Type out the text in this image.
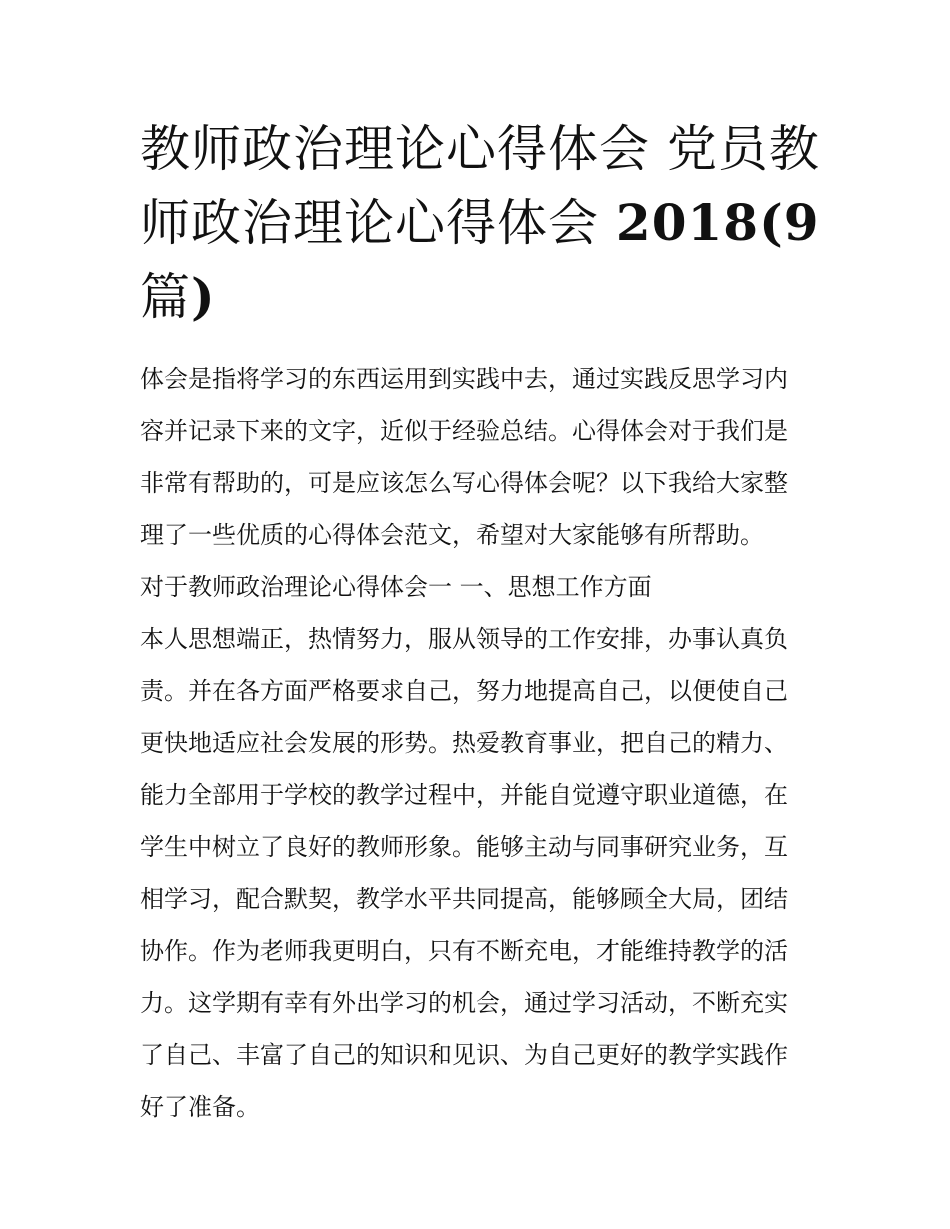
教师政治理论心得体会 党员教
师政治理论心得体会 2018(9
篇)

体会是指将学习的东西运用到实践中去，通过实践反思学习内
容并记录下来的文字，近似于经验总结。心得体会对于我们是
非常有帮助的，可是应该怎么写心得体会呢？以下我给大家整
理了一些优质的心得体会范文，希望对大家能够有所帮助。

对于教师政治理论心得体会一 一、思想工作方面

本人思想端正，热情努力，服从领导的工作安排，办事认真负
责。并在各方面严格要求自己，努力地提高自己，以便使自己
更快地适应社会发展的形势。热爱教育事业，把自己的精力、
能力全部用于学校的教学过程中，并能自觉遵守职业道德，在
学生中树立了良好的教师形象。能够主动与同事研究业务，互
相学习，配合默契，教学水平共同提高，能够顾全大局，团结
协作。作为老师我更明白，只有不断充电，才能维持教学的活
力。这学期有幸有外出学习的机会，通过学习活动，不断充实
了自己、丰富了自己的知识和见识、为自己更好的教学实践作
好了准备。
